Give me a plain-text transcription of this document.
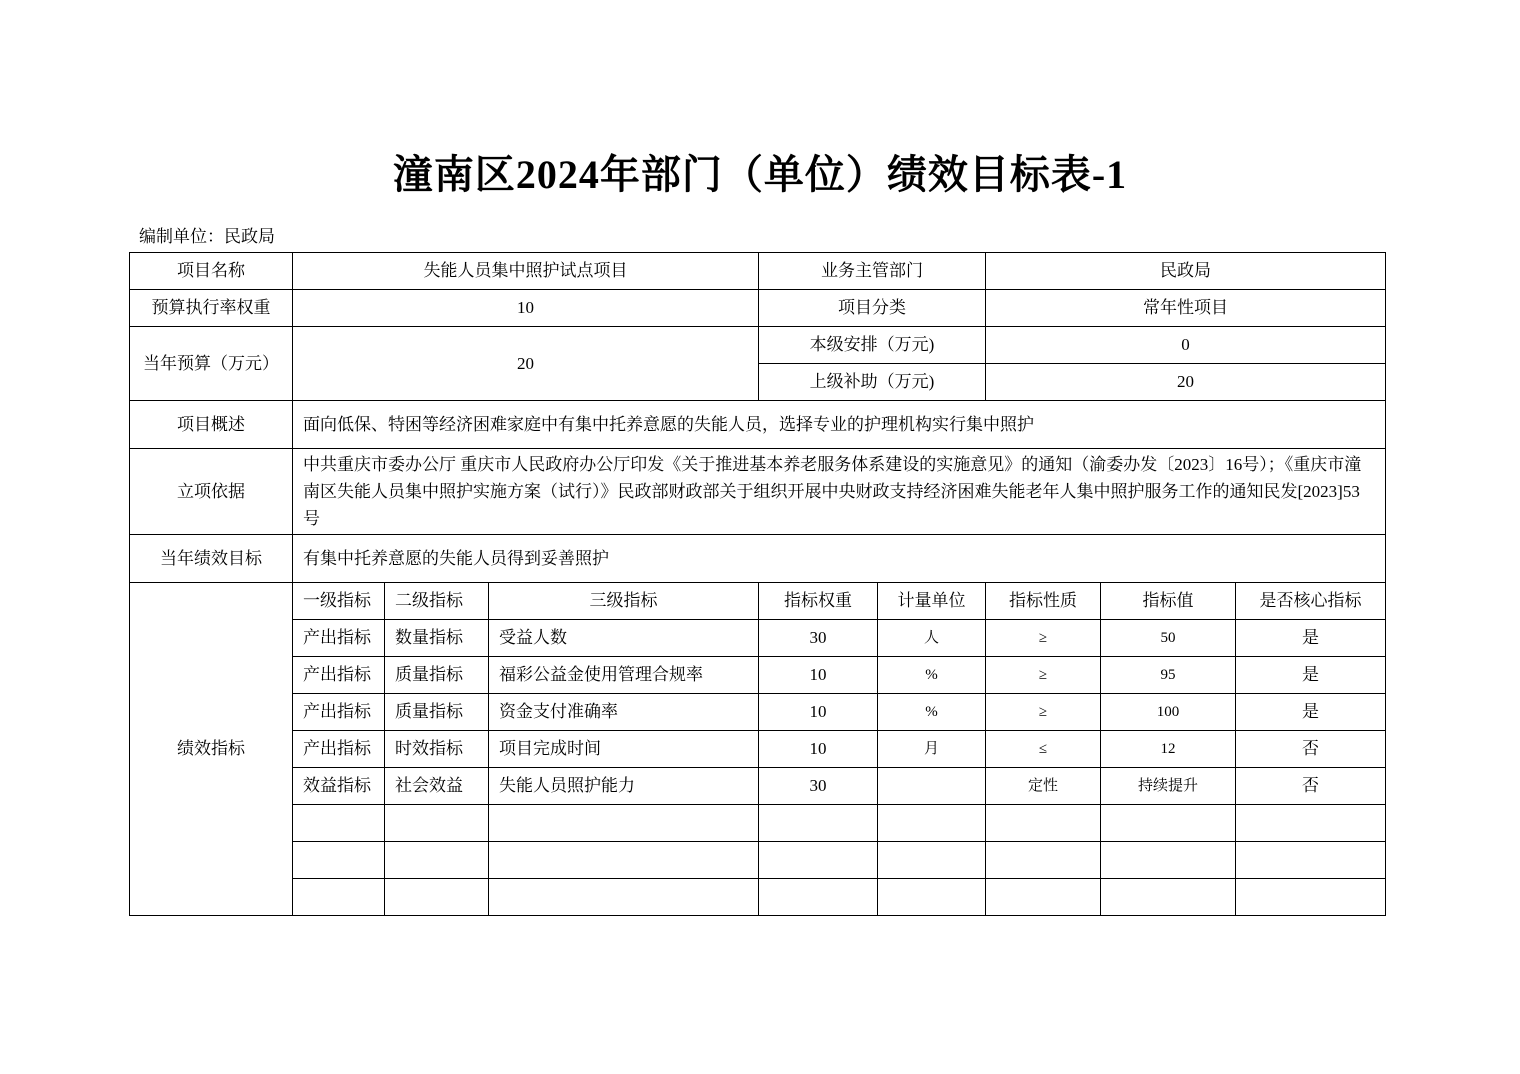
潼南区2024年部门（单位）绩效目标表-1
编制单位：民政局
项目名称	失能人员集中照护试点项目			业务主管部门		民政局		
预算执行率权重	10			项目分类		常年性项目		
当年预算（万元）	20			本级安排（万元)		0		
				上级补助（万元)		20		
项目概述	面向低保、特困等经济困难家庭中有集中托养意愿的失能人员，选择专业的护理机构实行集中照护							
立项依据	中共重庆市委办公厅 重庆市人民政府办公厅印发《关于推进基本养老服务体系建设的实施意见》的通知（渝委办发〔2023〕16号）；《重庆市潼南区失能人员集中照护实施方案（试行）》民政部财政部关于组织开展中央财政支持经济困难失能老年人集中照护服务工作的通知民发[2023]53号							
当年绩效目标	有集中托养意愿的失能人员得到妥善照护							
绩效指标	一级指标	二级指标	三级指标	指标权重	计量单位	指标性质	指标值	是否核心指标
	产出指标	数量指标	受益人数	30	人	≥	50	是
	产出指标	质量指标	福彩公益金使用管理合规率	10	%	≥	95	是
	产出指标	质量指标	资金支付准确率	10	%	≥	100	是
	产出指标	时效指标	项目完成时间	10	月	≤	12	否
	效益指标	社会效益	失能人员照护能力	30		定性	持续提升	否
